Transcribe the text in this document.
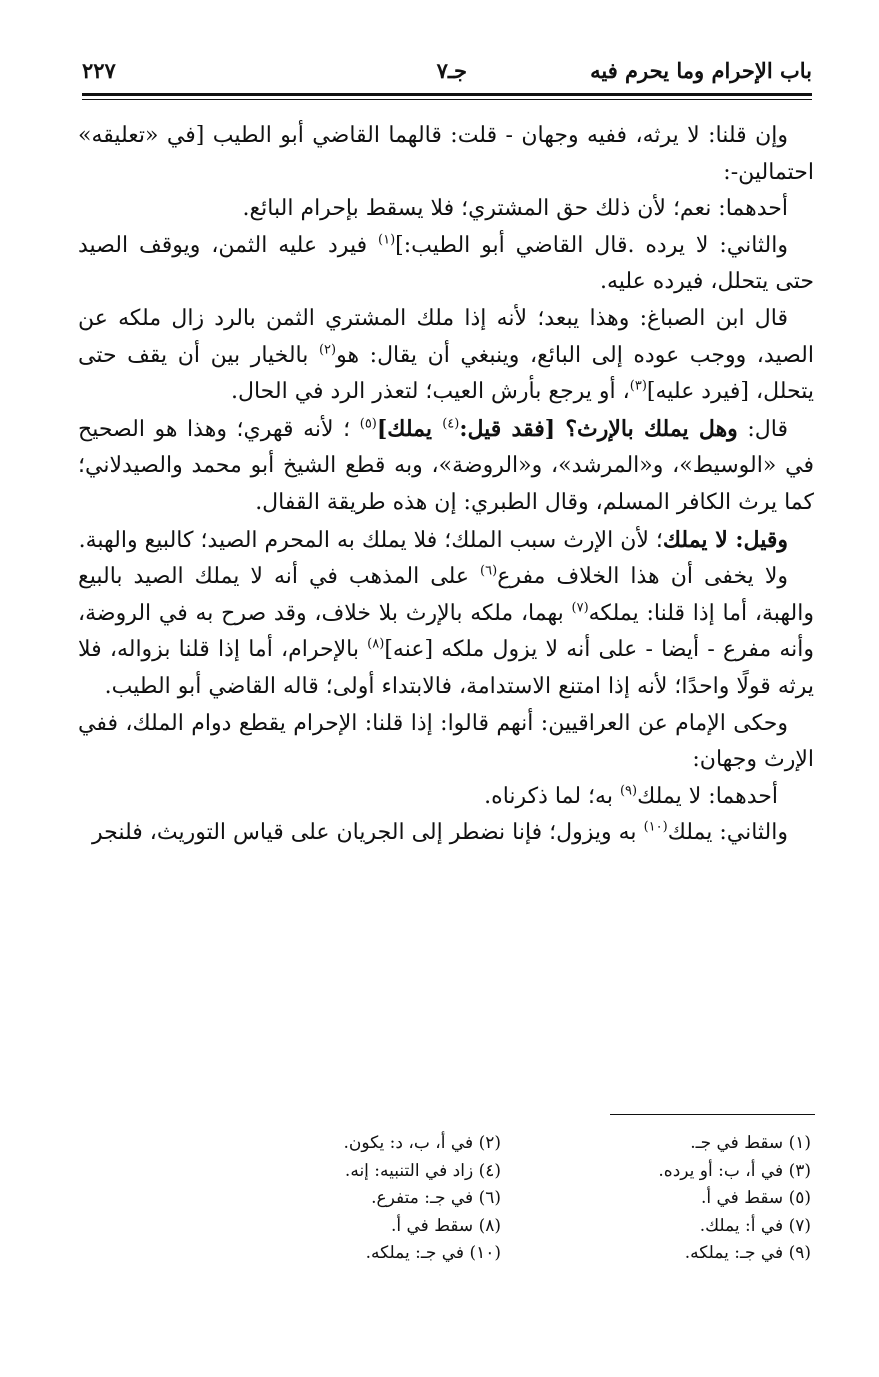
باب الإحرام وما يحرم فيه
جـ٧
٢٢٧

وإن قلنا: لا يرثه، ففيه وجهان - قلت: قالهما القاضي أبو الطيب [في «تعليقه» احتمالين-:

أحدهما: نعم؛ لأن ذلك حق المشتري؛ فلا يسقط بإحرام البائع.

والثاني: لا يرده .قال القاضي أبو الطيب:]$^{(١)}$ فيرد عليه الثمن، ويوقف الصيد حتى يتحلل، فيرده عليه.

قال ابن الصباغ: وهذا يبعد؛ لأنه إذا ملك المشتري الثمن بالرد زال ملكه عن الصيد، ووجب عوده إلى البائع، وينبغي أن يقال: هو$^{(٢)}$ بالخيار بين أن يقف حتى يتحلل، [فيرد عليه]$^{(٣)}$، أو يرجع بأرش العيب؛ لتعذر الرد في الحال.

قال: وهل يملك بالإرث؟ [فقد قيل:$^{(٤)}$ يملك]$^{(٥)}$ ؛ لأنه قهري؛ وهذا هو الصحيح في «الوسيط»، و«المرشد»، و«الروضة»، وبه قطع الشيخ أبو محمد والصيدلاني؛ كما يرث الكافر المسلم، وقال الطبري: إن هذه طريقة القفال.

وقيل: لا يملك؛ لأن الإرث سبب الملك؛ فلا يملك به المحرم الصيد؛ كالبيع والهبة.

ولا يخفى أن هذا الخلاف مفرع$^{(٦)}$ على المذهب في أنه لا يملك الصيد بالبيع والهبة، أما إذا قلنا: يملكه$^{(٧)}$ بهما، ملكه بالإرث بلا خلاف، وقد صرح به في الروضة، وأنه مفرع - أيضا - على أنه لا يزول ملكه [عنه]$^{(٨)}$ بالإحرام، أما إذا قلنا بزواله، فلا يرثه قولًا واحدًا؛ لأنه إذا امتنع الاستدامة، فالابتداء أولى؛ قاله القاضي أبو الطيب.

وحكى الإمام عن العراقيين: أنهم قالوا: إذا قلنا: الإحرام يقطع دوام الملك، ففي الإرث وجهان:

أحدهما: لا يملك$^{(٩)}$ به؛ لما ذكرناه.

والثاني: يملك$^{(١٠)}$ به ويزول؛ فإنا نضطر إلى الجريان على قياس التوريث، فلنجر

(١) سقط في جـ.
(٣) في أ، ب: أو يرده.
(٥) سقط في أ.
(٧) في أ: يملك.
(٩) في جـ: يملكه.
(٢) في أ، ب، د: يكون.
(٤) زاد في التنبيه: إنه.
(٦) في جـ: متفرع.
(٨) سقط في أ.
(١٠) في جـ: يملكه.
